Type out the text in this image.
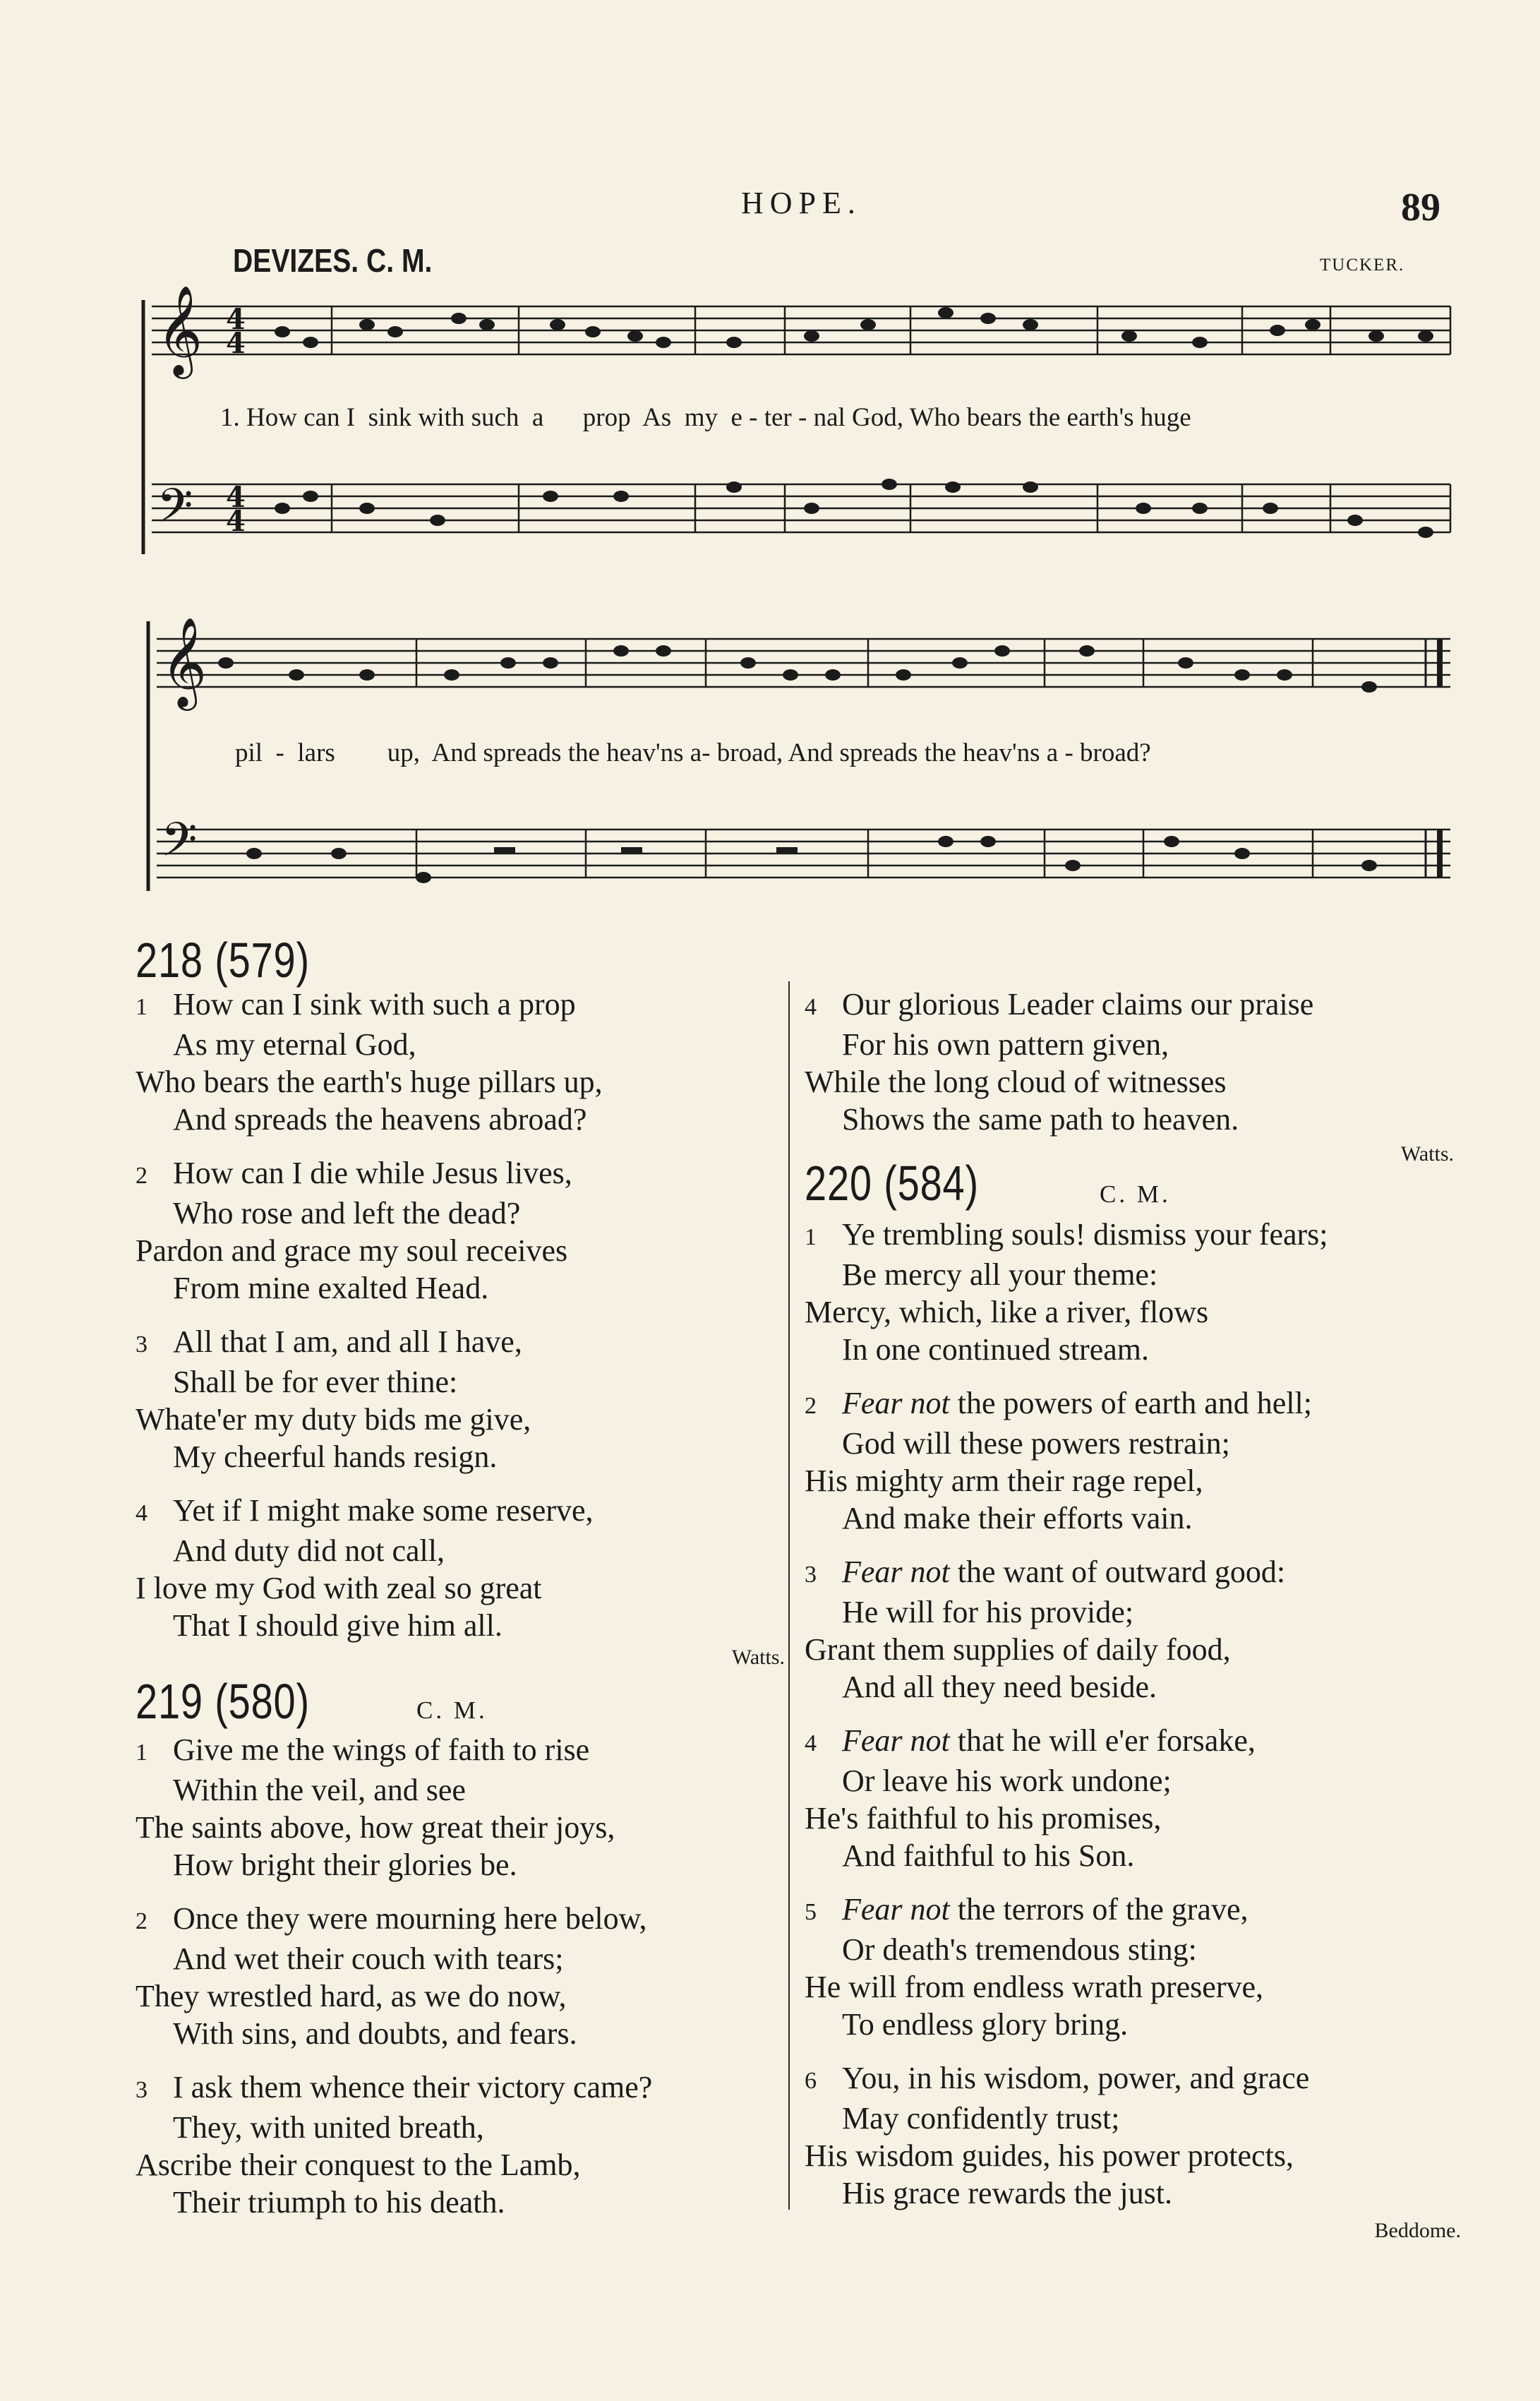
HOPE.	89
DEVIZES. C. M.	TUCKER.
𝄞
𝄢
𝄞
𝄢
4
4
4
4
1. How can I  sink with such  a      prop  As  my  e - ter - nal God, Who bears the earth's huge
pil  -  lars        up,  And spreads the heav'ns a- broad, And spreads the heav'ns a - broad?
218 (579)
1 How can I sink with such a prop
As my eternal God,
Who bears the earth's huge pillars up,
And spreads the heavens abroad?
2 How can I die while Jesus lives,
Who rose and left the dead?
Pardon and grace my soul receives
From mine exalted Head.
3 All that I am, and all I have,
Shall be for ever thine:
Whate'er my duty bids me give,
My cheerful hands resign.
4 Yet if I might make some reserve,
And duty did not call,
I love my God with zeal so great
That I should give him all.
Watts.
219 (580)	C. M.
1 Give me the wings of faith to rise
Within the veil, and see
The saints above, how great their joys,
How bright their glories be.
2 Once they were mourning here below,
And wet their couch with tears;
They wrestled hard, as we do now,
With sins, and doubts, and fears.
3 I ask them whence their victory came?
They, with united breath,
Ascribe their conquest to the Lamb,
Their triumph to his death.
4 Our glorious Leader claims our praise
For his own pattern given,
While the long cloud of witnesses
Shows the same path to heaven.
Watts.
220 (584)	C. M.
1 Ye trembling souls! dismiss your fears;
Be mercy all your theme:
Mercy, which, like a river, flows
In one continued stream.
2 Fear not the powers of earth and hell;
God will these powers restrain;
His mighty arm their rage repel,
And make their efforts vain.
3 Fear not the want of outward good:
He will for his provide;
Grant them supplies of daily food,
And all they need beside.
4 Fear not that he will e'er forsake,
Or leave his work undone;
He's faithful to his promises,
And faithful to his Son.
5 Fear not the terrors of the grave,
Or death's tremendous sting:
He will from endless wrath preserve,
To endless glory bring.
6 You, in his wisdom, power, and grace
May confidently trust;
His wisdom guides, his power protects,
His grace rewards the just.
Beddome.
